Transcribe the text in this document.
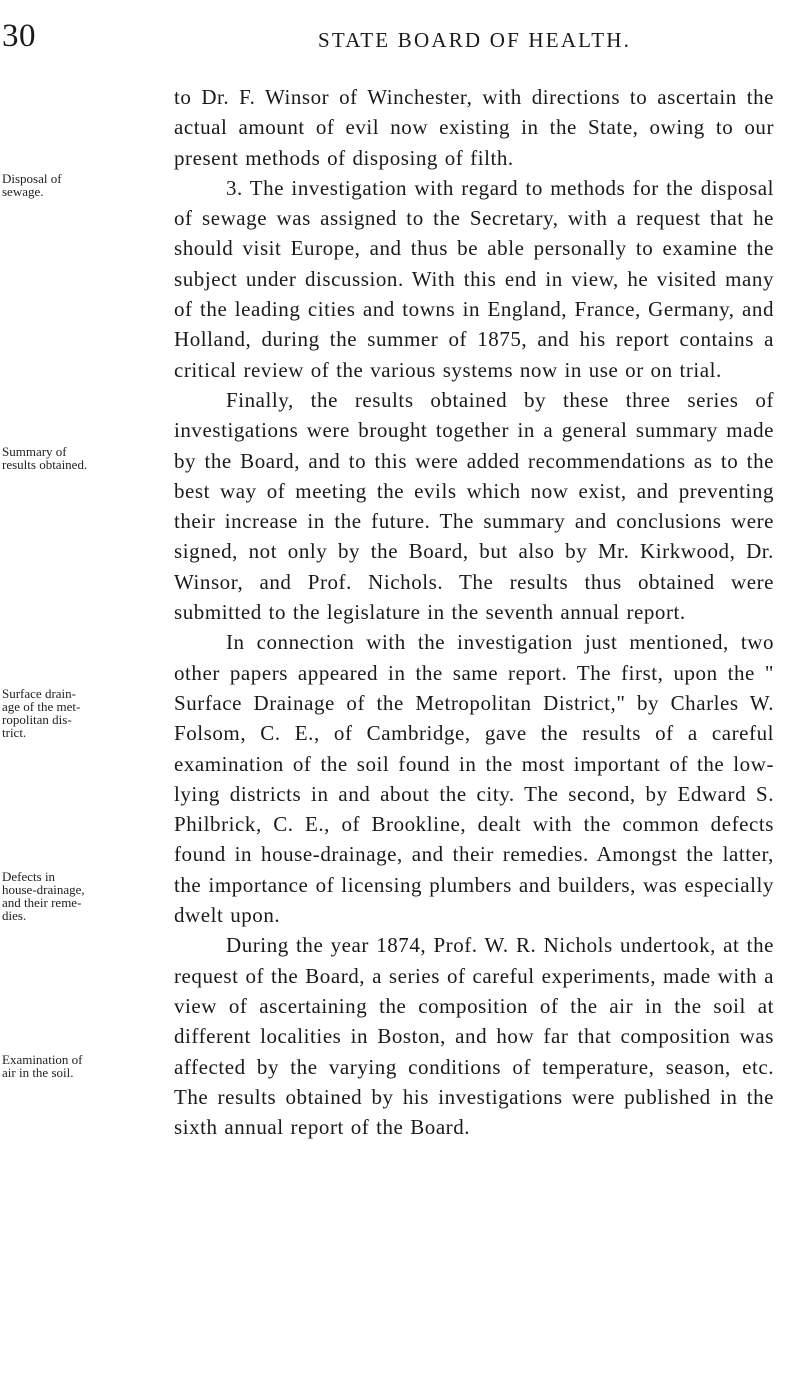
30	STATE BOARD OF HEALTH.
Disposal of
sewage.
Summary of
results obtained.
Surface drain-
age of the met-
ropolitan dis-
trict.
Defects in
house-drainage,
and their reme-
dies.
Examination of
air in the soil.

to Dr. F. Winsor of Winchester, with directions to ascertain the actual amount of evil now existing in the State, owing to our present methods of disposing of filth.

3. The investigation with regard to methods for the disposal of sewage was assigned to the Secretary, with a request that he should visit Europe, and thus be able personally to examine the subject under discussion. With this end in view, he visited many of the leading cities and towns in England, France, Germany, and Holland, during the summer of 1875, and his report contains a critical review of the various systems now in use or on trial.

Finally, the results obtained by these three series of investigations were brought together in a general summary made by the Board, and to this were added recommendations as to the best way of meeting the evils which now exist, and preventing their increase in the future. The summary and conclusions were signed, not only by the Board, but also by Mr. Kirkwood, Dr. Winsor, and Prof. Nichols. The results thus obtained were submitted to the legislature in the seventh annual report.

In connection with the investigation just mentioned, two other papers appeared in the same report. The first, upon the " Surface Drainage of the Metropolitan District," by Charles W. Folsom, C. E., of Cambridge, gave the results of a careful examination of the soil found in the most important of the low-lying districts in and about the city. The second, by Edward S. Philbrick, C. E., of Brookline, dealt with the common defects found in house-drainage, and their remedies. Amongst the latter, the importance of licensing plumbers and builders, was especially dwelt upon.

During the year 1874, Prof. W. R. Nichols undertook, at the request of the Board, a series of careful experiments, made with a view of ascertaining the composition of the air in the soil at different localities in Boston, and how far that composition was affected by the varying conditions of temperature, season, etc. The results obtained by his investigations were published in the sixth annual report of the Board.
